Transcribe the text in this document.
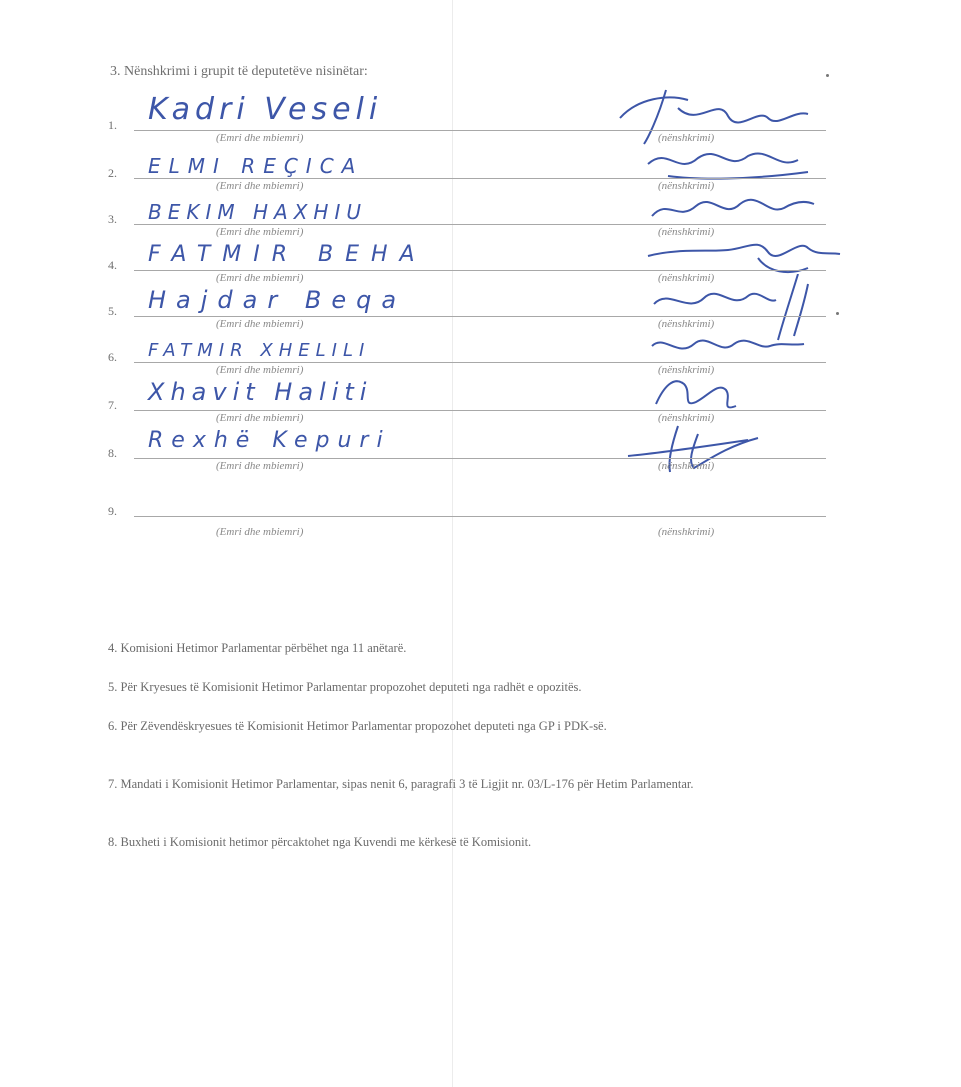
3. Nënshkrimi i grupit të deputetëve nisinëtar:
1. Kadri Veseli
(Emri dhe mbiemri)	(nënshkrimi)
2. ELMI REÇICA
(Emri dhe mbiemri)	(nënshkrimi)
3. BEKIM HAXHIU
(Emri dhe mbiemri)	(nënshkrimi)
4. FATMIR BEHA
(Emri dhe mbiemri)	(nënshkrimi)
5. Hajdar Beqa
(Emri dhe mbiemri)	(nënshkrimi)
6. FATMIR XHELILI
(Emri dhe mbiemri)	(nënshkrimi)
7. Xhavit Haliti
(Emri dhe mbiemri)	(nënshkrimi)
8. Rexhë Kepuri
(Emri dhe mbiemri)	(nënshkrimi)
9.
(Emri dhe mbiemri)	(nënshkrimi)
4. Komisioni Hetimor Parlamentar përbëhet nga 11 anëtarë.
5. Për Kryesues të Komisionit Hetimor Parlamentar propozohet deputeti nga radhët e opozitës.
6. Për Zëvendëskryesues të Komisionit Hetimor Parlamentar propozohet deputeti nga GP i PDK-së.
7. Mandati i Komisionit Hetimor Parlamentar, sipas nenit 6, paragrafi 3 të Ligjit nr. 03/L-176 për Hetim Parlamentar.
8. Buxheti i Komisionit hetimor përcaktohet nga Kuvendi me kërkesë të Komisionit.
